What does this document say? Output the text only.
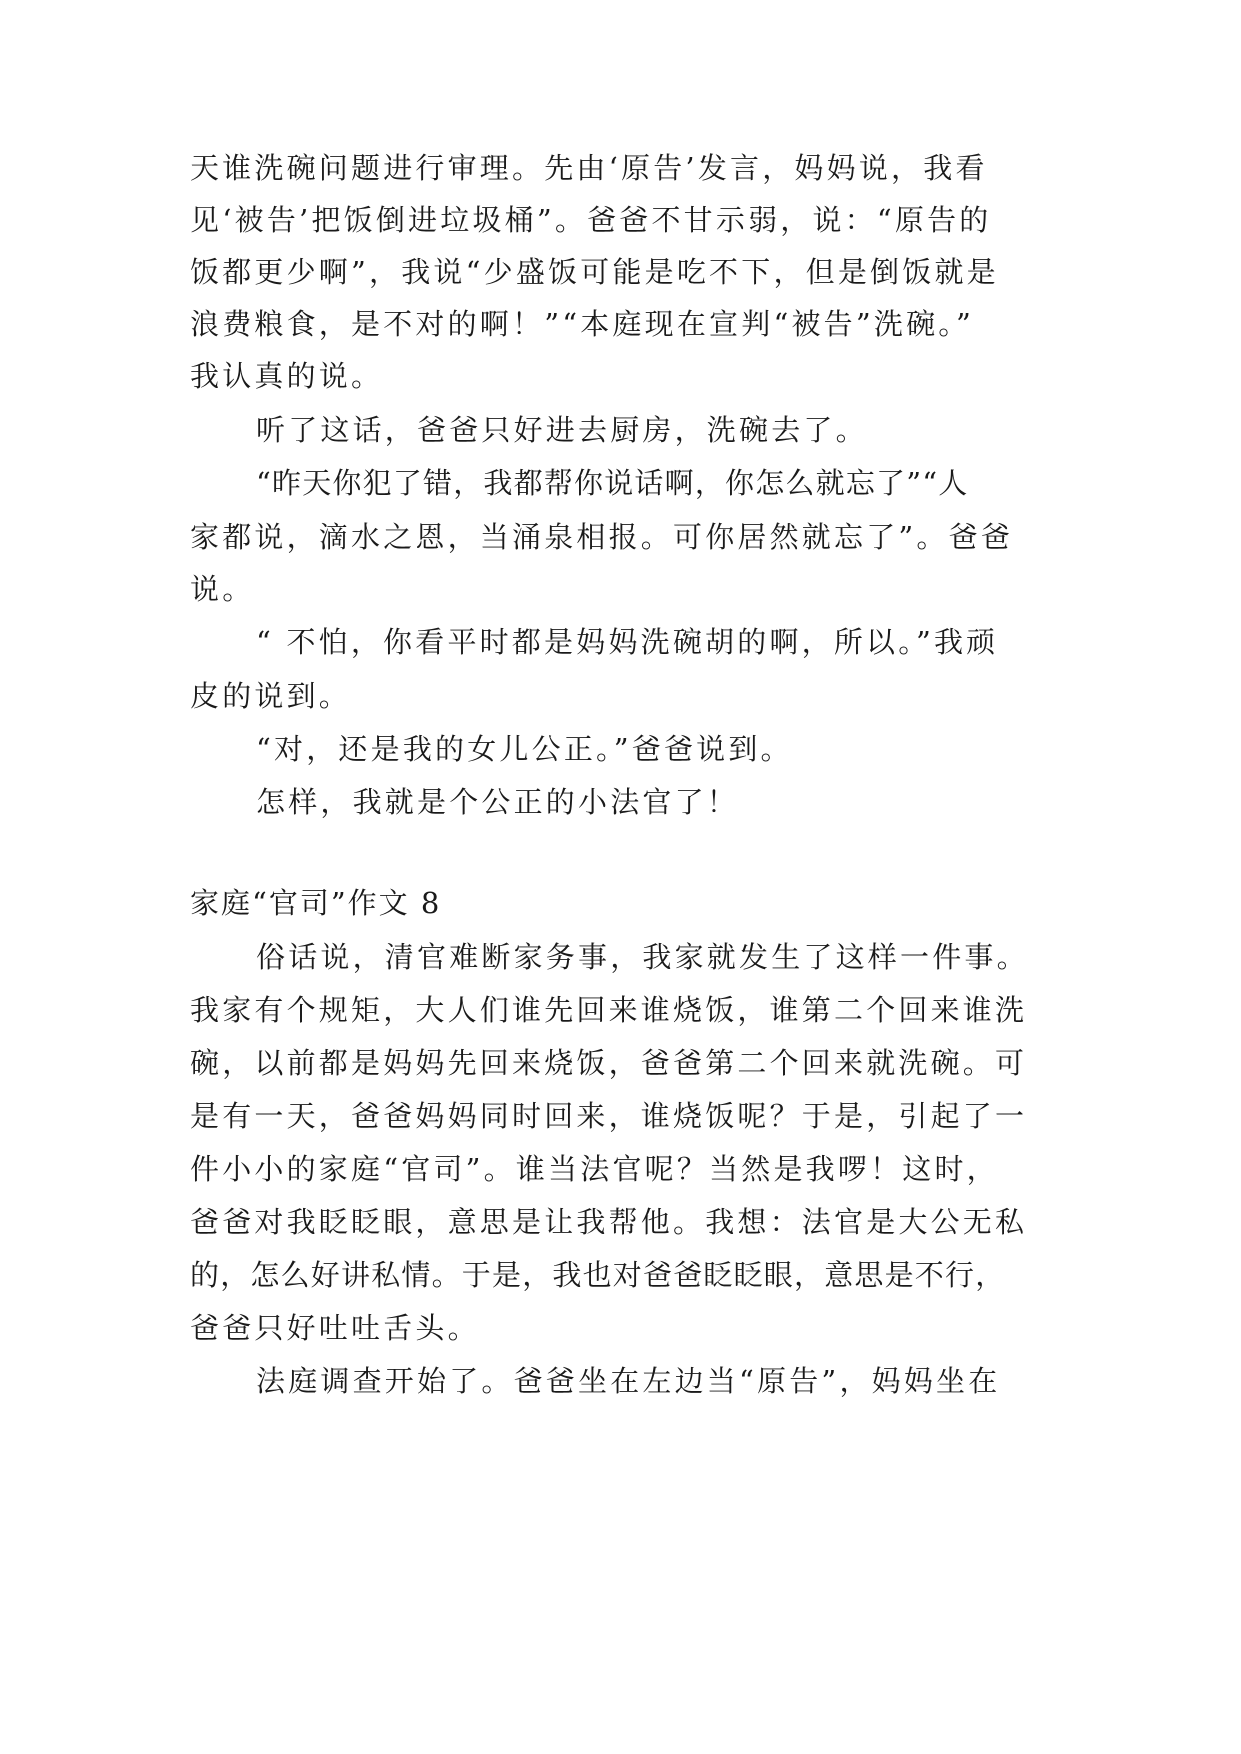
天谁洗碗问题进行审理。先由‘原告’发言，妈妈说，我看
见‘被告’把饭倒进垃圾桶”。爸爸不甘示弱，说：“原告的
饭都更少啊”，我说“少盛饭可能是吃不下，但是倒饭就是
浪费粮食，是不对的啊！”“本庭现在宣判“被告”洗碗。”
我认真的说。
听了这话，爸爸只好进去厨房，洗碗去了。
“昨天你犯了错，我都帮你说话啊，你怎么就忘了”“人
家都说，滴水之恩，当涌泉相报。可你居然就忘了”。爸爸
说。
“ 不怕，你看平时都是妈妈洗碗胡的啊，所以。”我顽
皮的说到。
“对，还是我的女儿公正。”爸爸说到。
怎样，我就是个公正的小法官了！
家庭“官司”作文 8
俗话说，清官难断家务事，我家就发生了这样一件事。
我家有个规矩，大人们谁先回来谁烧饭，谁第二个回来谁洗
碗，以前都是妈妈先回来烧饭，爸爸第二个回来就洗碗。可
是有一天，爸爸妈妈同时回来，谁烧饭呢？于是，引起了一
件小小的家庭“官司”。谁当法官呢？当然是我啰！这时，
爸爸对我眨眨眼，意思是让我帮他。我想：法官是大公无私
的，怎么好讲私情。于是，我也对爸爸眨眨眼，意思是不行，
爸爸只好吐吐舌头。
法庭调查开始了。爸爸坐在左边当“原告”，妈妈坐在
